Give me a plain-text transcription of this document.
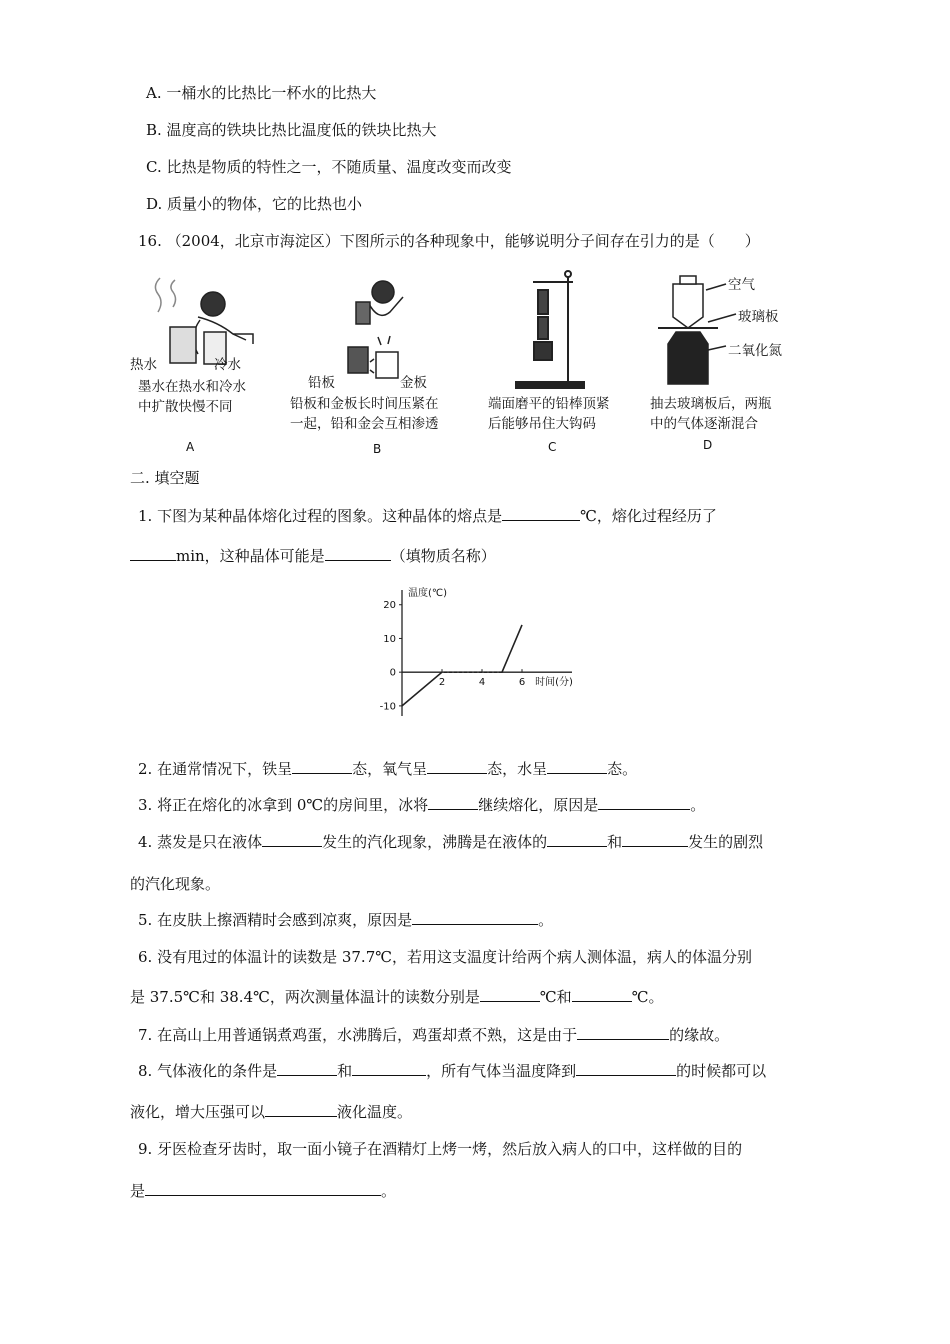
A. 一桶水的比热比一杯水的比热大
B. 温度高的铁块比热比温度低的铁块比热大
C. 比热是物质的特性之一，不随质量、温度改变而改变
D. 质量小的物体，它的比热也小
16. （2004，北京市海淀区）下图所示的各种现象中，能够说明分子间存在引力的是（　　）
热水	冷水
墨水在热水和冷水
中扩散快慢不同
A
铅板	金板
铅板和金板长时间压紧在
一起，铅和金会互相渗透
B
端面磨平的铅棒顶紧
后能够吊住大钩码
C
空气
玻璃板
二氧化氮
抽去玻璃板后，两瓶
中的气体逐渐混合
D
二. 填空题
1. 下图为某种晶体熔化过程的图象。这种晶体的熔点是	℃，熔化过程经历了
min，这种晶体可能是	（填物质名称）
20
10
0
-10
2	4	6
温度(℃)
时间(分)
2. 在通常情况下，铁呈	态，氧气呈	态，水呈	态。
3. 将正在熔化的冰拿到 0℃的房间里，冰将	继续熔化，原因是	。
4. 蒸发是只在液体	发生的汽化现象，沸腾是在液体的	和	发生的剧烈
的汽化现象。
5. 在皮肤上擦酒精时会感到凉爽，原因是	。
6. 没有甩过的体温计的读数是 37.7℃，若用这支温度计给两个病人测体温，病人的体温分别
是 37.5℃和 38.4℃，两次测量体温计的读数分别是	℃和	℃。
7. 在高山上用普通锅煮鸡蛋，水沸腾后，鸡蛋却煮不熟，这是由于	的缘故。
8. 气体液化的条件是	和	，所有气体当温度降到	的时候都可以
液化，增大压强可以	液化温度。
9. 牙医检查牙齿时，取一面小镜子在酒精灯上烤一烤，然后放入病人的口中，这样做的目的
是	。
